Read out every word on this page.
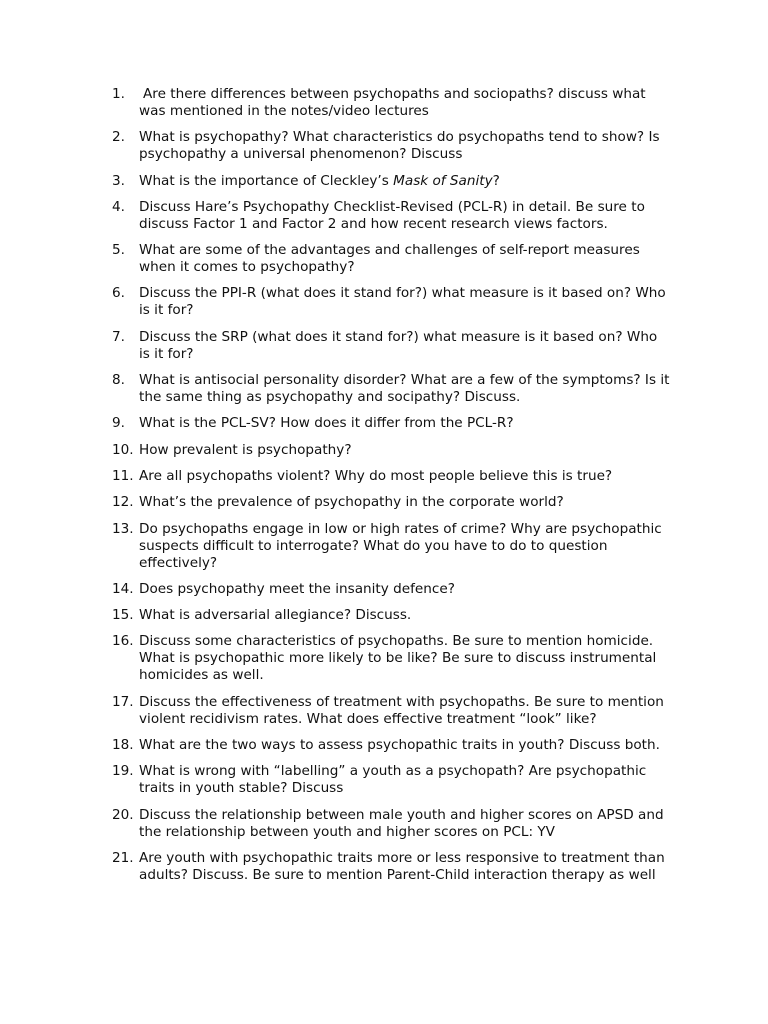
1.	Are there differences between psychopaths and sociopaths? discuss what was mentioned in the notes/video lectures
2.	What is psychopathy? What characteristics do psychopaths tend to show? Is psychopathy a universal phenomenon? Discuss
3.	What is the importance of Cleckley’s Mask of Sanity?
4.	Discuss Hare’s Psychopathy Checklist-Revised (PCL-R) in detail. Be sure to discuss Factor 1 and Factor 2 and how recent research views factors.
5.	What are some of the advantages and challenges of self-report measures when it comes to psychopathy?
6.	Discuss the PPI-R (what does it stand for?) what measure is it based on? Who is it for?
7.	Discuss the SRP (what does it stand for?) what measure is it based on? Who is it for?
8.	What is antisocial personality disorder? What are a few of the symptoms? Is it the same thing as psychopathy and socipathy? Discuss.
9.	What is the PCL-SV? How does it differ from the PCL-R?
10. How prevalent is psychopathy?
11. Are all psychopaths violent? Why do most people believe this is true?
12. What’s the prevalence of psychopathy in the corporate world?
13. Do psychopaths engage in low or high rates of crime? Why are psychopathic suspects difficult to interrogate? What do you have to do to question effectively?
14. Does psychopathy meet the insanity defence?
15. What is adversarial allegiance? Discuss.
16. Discuss some characteristics of psychopaths. Be sure to mention homicide. What is psychopathic more likely to be like? Be sure to discuss instrumental homicides as well.
17. Discuss the effectiveness of treatment with psychopaths. Be sure to mention violent recidivism rates. What does effective treatment “look” like?
18. What are the two ways to assess psychopathic traits in youth? Discuss both.
19. What is wrong with “labelling” a youth as a psychopath? Are psychopathic traits in youth stable? Discuss
20. Discuss the relationship between male youth and higher scores on APSD and the relationship between youth and higher scores on PCL: YV
21. Are youth with psychopathic traits more or less responsive to treatment than adults? Discuss. Be sure to mention Parent-Child interaction therapy as well
